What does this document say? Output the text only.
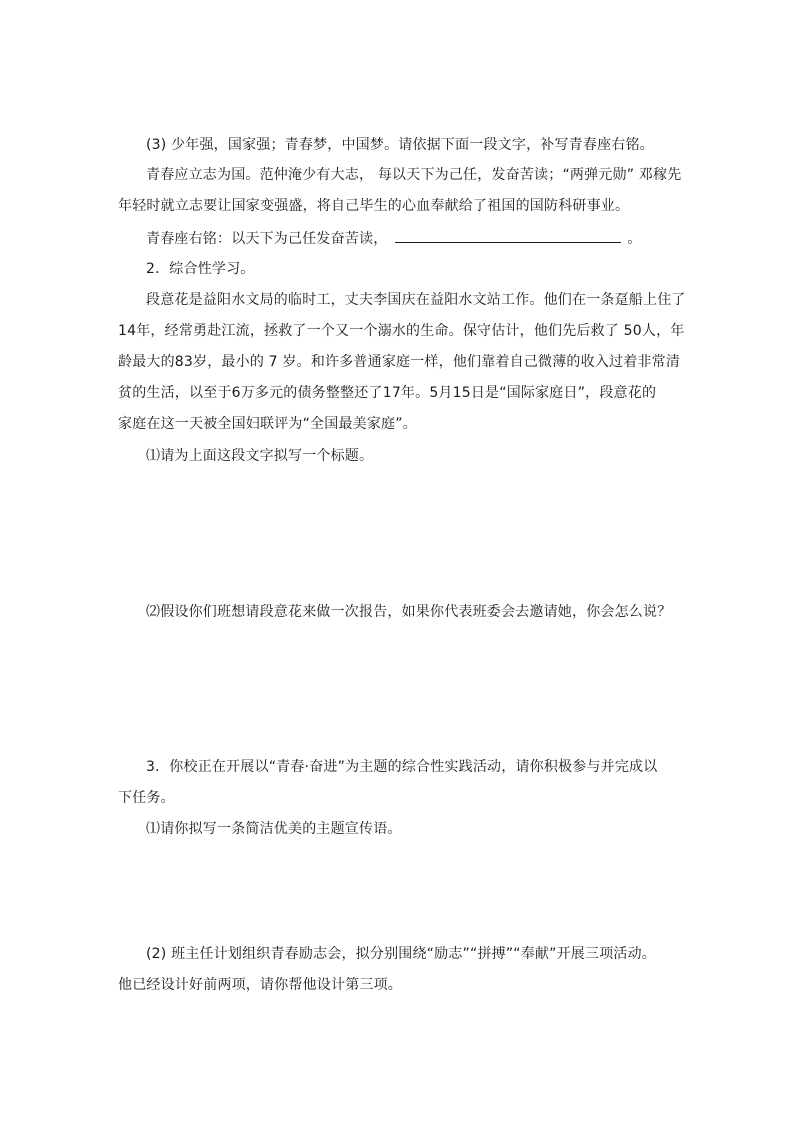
(3) 少年强，国家强；青春梦，中国梦。请依据下面一段文字，补写青春座右铭。
青春应立志为国。范仲淹少有大志， 每以天下为己任，发奋苦读；“两弹元勋” 邓稼先
年轻时就立志要让国家变强盛，将自己毕生的心血奉献给了祖国的国防科研事业。
青春座右铭：以天下为己任发奋苦读，	。
2．综合性学习。
段意花是益阳水文局的临时工，丈夫李国庆在益阳水文站工作。他们在一条趸船上住了
14年，经常勇赴江流，拯救了一个又一个溺水的生命。保守估计，他们先后救了 50人，年
龄最大的83岁，最小的 7 岁。和许多普通家庭一样，他们靠着自己微薄的收入过着非常清
贫的生活，以至于6万多元的债务整整还了17年。5月15日是“国际家庭日”，段意花的
家庭在这一天被全国妇联评为“全国最美家庭”。
⑴请为上面这段文字拟写一个标题。
⑵假设你们班想请段意花来做一次报告，如果你代表班委会去邀请她，你会怎么说？
3．你校正在开展以“青春·奋进”为主题的综合性实践活动，请你积极参与并完成以
下任务。
⑴请你拟写一条简洁优美的主题宣传语。
(2) 班主任计划组织青春励志会，拟分别围绕“励志”“拼搏”“奉献”开展三项活动。
他已经设计好前两项，请你帮他设计第三项。
